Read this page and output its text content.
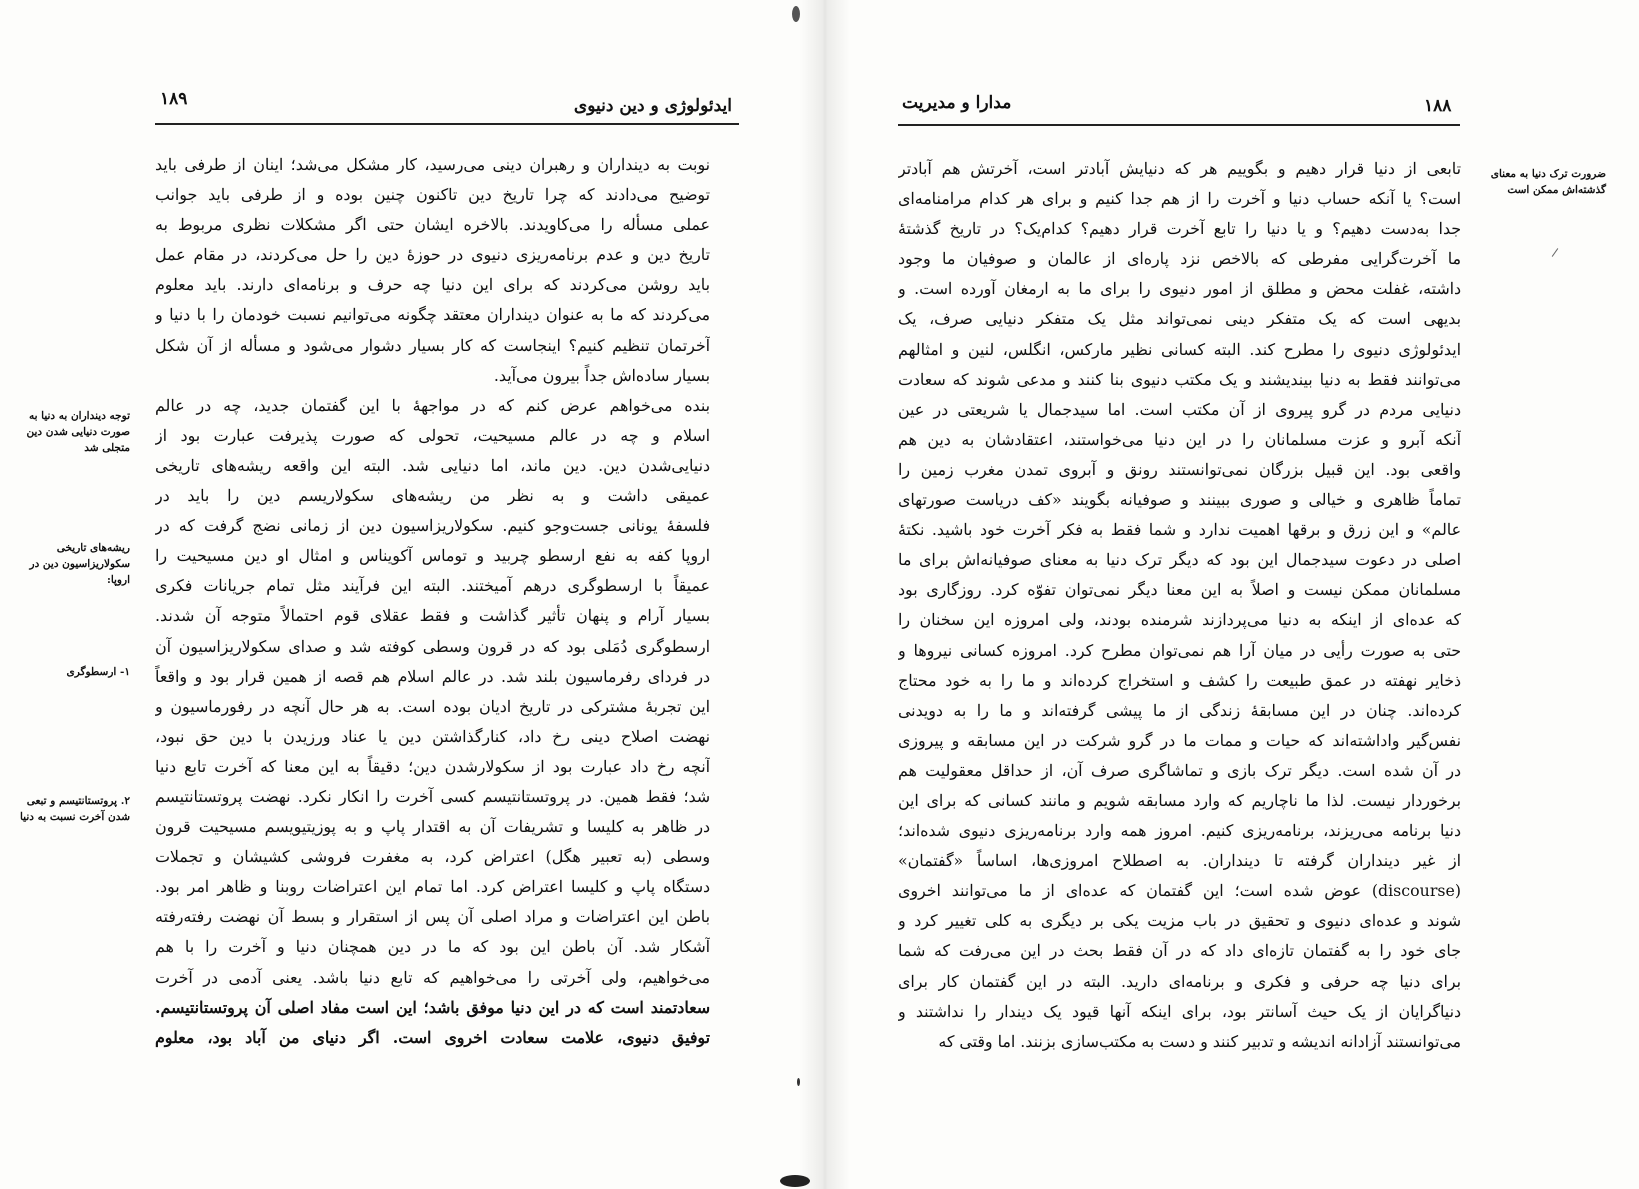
۱۸۹	ایدئولوژی و دین دنیوی
نوبت به دینداران و رهبران دینی می‌رسید، کار مشکل می‌شد؛ اینان از طرفی باید
توضیح می‌دادند که چرا تاریخ دین تاکنون چنین بوده و از طرفی باید جوانب
عملی مسأله را می‌کاویدند. بالاخره ایشان حتی اگر مشکلات نظری مربوط به
تاریخ دین و عدم برنامه‌ریزی دنیوی در حوزهٔ دین را حل می‌کردند، در مقام عمل
باید روشن می‌کردند که برای این دنیا چه حرف و برنامه‌ای دارند. باید معلوم
می‌کردند که ما به عنوان دینداران معتقد چگونه می‌توانیم نسبت خودمان را با دنیا و
آخرتمان تنظیم کنیم؟ اینجاست که کار بسیار دشوار می‌شود و مسأله از آن شکل
بسیار ساده‌اش جداً بیرون می‌آید.
بنده می‌خواهم عرض کنم که در مواجههٔ با این گفتمان جدید، چه در عالم
اسلام و چه در عالم مسیحیت، تحولی که صورت پذیرفت عبارت بود از
دنیایی‌شدن دین. دین ماند، اما دنیایی شد. البته این واقعه ریشه‌های تاریخی
عمیقی داشت و به نظر من ریشه‌های سکولاریسم دین را باید در
فلسفهٔ یونانی جست‌وجو کنیم. سکولاریزاسیون دین از زمانی نضج گرفت که در
اروپا کفه به نفع ارسطو چربید و توماس آکویناس و امثال او دین مسیحیت را
عمیقاً با ارسطوگری درهم آمیختند. البته این فرآیند مثل تمام جریانات فکری
بسیار آرام و پنهان تأثیر گذاشت و فقط عقلای قوم احتمالاً متوجه آن شدند.
ارسطوگری دُمَلی بود که در قرون وسطی کوفته شد و صدای سکولاریزاسیون آن
در فردای رفرماسیون بلند شد. در عالم اسلام هم قصه از همین قرار بود و واقعاً
این تجربهٔ مشترکی در تاریخ ادیان بوده است. به هر حال آنچه در رفورماسیون و
نهضت اصلاح دینی رخ داد، کنارگذاشتن دین یا عناد ورزیدن با دین حق نبود،
آنچه رخ داد عبارت بود از سکولارشدن دین؛ دقیقاً به این معنا که آخرت تابع دنیا
شد؛ فقط همین. در پروتستانتیسم کسی آخرت را انکار نکرد. نهضت پروتستانتیسم
در ظاهر به کلیسا و تشریفات آن به اقتدار پاپ و به پوزیتیویسم مسیحیت قرون
وسطی (به تعبیر هگل) اعتراض کرد، به مغفرت فروشی کشیشان و تجملات
دستگاه پاپ و کلیسا اعتراض کرد. اما تمام این اعتراضات روبنا و ظاهر امر بود.
باطن این اعتراضات و مراد اصلی آن پس از استقرار و بسط آن نهضت رفته‌رفته
آشکار شد. آن باطن این بود که ما در دین همچنان دنیا و آخرت را با هم
می‌خواهیم، ولی آخرتی را می‌خواهیم که تابع دنیا باشد. یعنی آدمی در آخرت
سعادتمند است که در این دنیا موفق باشد؛ این است مفاد اصلی آن پروتستانتیسم.
توفیق دنیوی، علامت سعادت اخروی است. اگر دنیای من آباد بود، معلوم
توجه دینداران به دنیا به صورت دنیایی شدن دین متجلی شد
ریشه‌های تاریخی سکولاریزاسیون دین در اروپا:
۱- ارسطوگری
۲. پروتستانتیسم و تبعی شدن آخرت نسبت به دنیا
۱۸۸
مدارا و مدیریت
تابعی از دنیا قرار دهیم و بگوییم هر که دنیایش آبادتر است، آخرتش هم آبادتر
است؟ یا آنکه حساب دنیا و آخرت را از هم جدا کنیم و برای هر کدام مرامنامه‌ای
جدا به‌دست دهیم؟ و یا دنیا را تابع آخرت قرار دهیم؟ کدام‌یک؟ در تاریخ گذشتهٔ
ما آخرت‌گرایی مفرطی که بالاخص نزد پاره‌ای از عالمان و صوفیان ما وجود
داشته، غفلت محض و مطلق از امور دنیوی را برای ما به ارمغان آورده است. و
بدیهی است که یک متفکر دینی نمی‌تواند مثل یک متفکر دنیایی صرف، یک
ایدئولوژی دنیوی را مطرح کند. البته کسانی نظیر مارکس، انگلس، لنین و امثالهم
می‌توانند فقط به دنیا بیندیشند و یک مکتب دنیوی بنا کنند و مدعی شوند که سعادت
دنیایی مردم در گرو پیروی از آن مکتب است. اما سیدجمال یا شریعتی در عین
آنکه آبرو و عزت مسلمانان را در این دنیا می‌خواستند، اعتقادشان به دین هم
واقعی بود. این قبیل بزرگان نمی‌توانستند رونق و آبروی تمدن مغرب زمین را
تماماً ظاهری و خیالی و صوری ببینند و صوفیانه بگویند «کف دریاست صورتهای
عالم» و این زرق و برقها اهمیت ندارد و شما فقط به فکر آخرت خود باشید. نکتهٔ
اصلی در دعوت سیدجمال این بود که دیگر ترک دنیا به معنای صوفیانه‌اش برای ما
مسلمانان ممکن نیست و اصلاً به این معنا دیگر نمی‌توان تفوّه کرد. روزگاری بود
که عده‌ای از اینکه به دنیا می‌پردازند شرمنده بودند، ولی امروزه این سخنان را
حتی به صورت رأیی در میان آرا هم نمی‌توان مطرح کرد. امروزه کسانی نیروها و
ذخایر نهفته در عمق طبیعت را کشف و استخراج کرده‌اند و ما را به خود محتاج
کرده‌اند. چنان در این مسابقهٔ زندگی از ما پیشی گرفته‌اند و ما را به دویدنی
نفس‌گیر واداشته‌اند که حیات و ممات ما در گرو شرکت در این مسابقه و پیروزی
در آن شده است. دیگر ترک بازی و تماشاگری صرف آن، از حداقل معقولیت هم
برخوردار نیست. لذا ما ناچاریم که وارد مسابقه شویم و مانند کسانی که برای این
دنیا برنامه می‌ریزند، برنامه‌ریزی کنیم. امروز همه وارد برنامه‌ریزی دنیوی شده‌اند؛
از غیر دینداران گرفته تا دینداران. به اصطلاح امروزی‌ها، اساساً «گفتمان»
(discourse) عوض شده است؛ این گفتمان که عده‌ای از ما می‌توانند اخروی
شوند و عده‌ای دنیوی و تحقیق در باب مزیت یکی بر دیگری به کلی تغییر کرد و
جای خود را به گفتمان تازه‌ای داد که در آن فقط بحث در این می‌رفت که شما
برای دنیا چه حرفی و فکری و برنامه‌ای دارید. البته در این گفتمان کار برای
دنیاگرایان از یک حیث آسانتر بود، برای اینکه آنها قیود یک دیندار را نداشتند و
می‌توانستند آزادانه اندیشه و تدبیر کنند و دست به مکتب‌سازی بزنند. اما وقتی که
ضرورت ترک دنیا به معنای گذشته‌اش ممکن است
